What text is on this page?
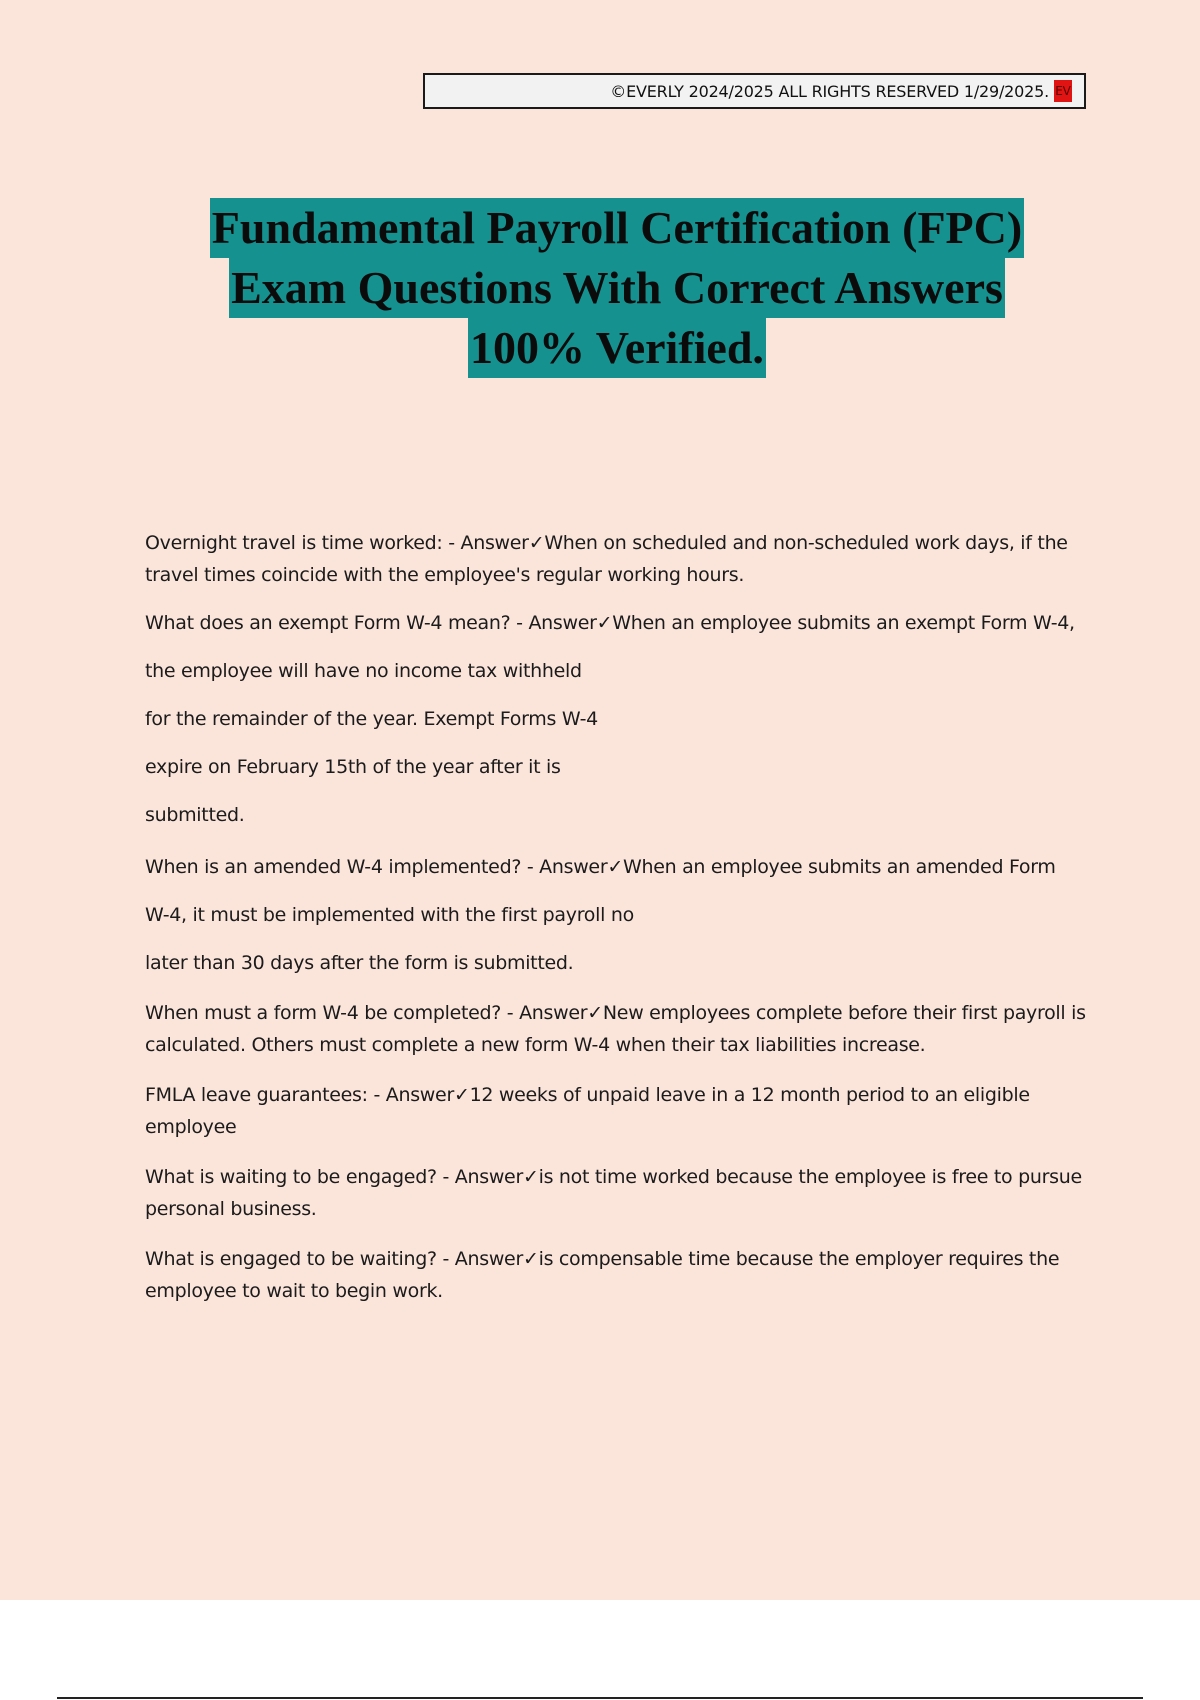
©EVERLY 2024/2025 ALL RIGHTS RESERVED 1/29/2025. EV
Fundamental Payroll Certification (FPC)
Exam Questions With Correct Answers
100% Verified.

Overnight travel is time worked: - Answer✓When on scheduled and non-scheduled work days, if the travel times coincide with the employee's regular working hours.

What does an exempt Form W-4 mean? - Answer✓When an employee submits an exempt Form W-4,

the employee will have no income tax withheld

for the remainder of the year. Exempt Forms W-4

expire on February 15th of the year after it is

submitted.

When is an amended W-4 implemented? - Answer✓When an employee submits an amended Form

W-4, it must be implemented with the first payroll no

later than 30 days after the form is submitted.

When must a form W-4 be completed? - Answer✓New employees complete before their first payroll is calculated. Others must complete a new form W-4 when their tax liabilities increase.

FMLA leave guarantees: - Answer✓12 weeks of unpaid leave in a 12 month period to an eligible employee

What is waiting to be engaged? - Answer✓is not time worked because the employee is free to pursue personal business.

What is engaged to be waiting? - Answer✓is compensable time because the employer requires the employee to wait to begin work.
